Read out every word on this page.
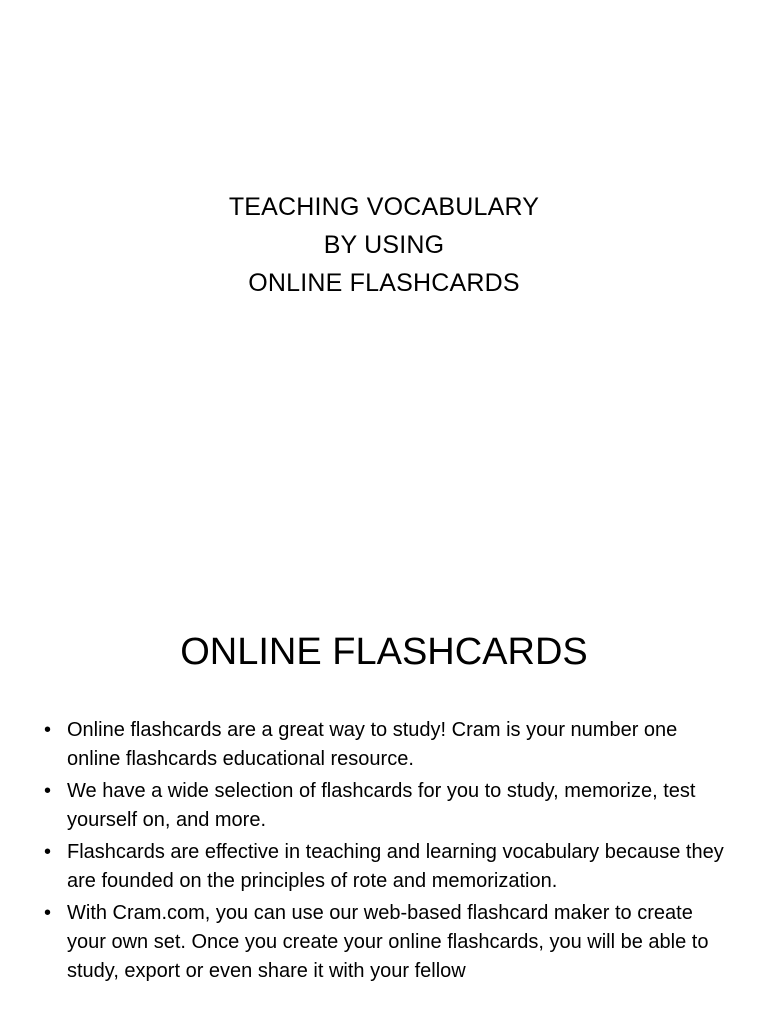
TEACHING VOCABULARY
BY USING
ONLINE FLASHCARDS
ONLINE FLASHCARDS
• Online flashcards are a great way to study! Cram is your number one online flashcards educational resource.
• We have a wide selection of flashcards for you to study, memorize, test yourself on, and more.
• Flashcards are effective in teaching and learning vocabulary because they are founded on the principles of rote and memorization.
• With Cram.com, you can use our web-based flashcard maker to create your own set. Once you create your online flashcards, you will be able to study, export or even share it with your fellow
